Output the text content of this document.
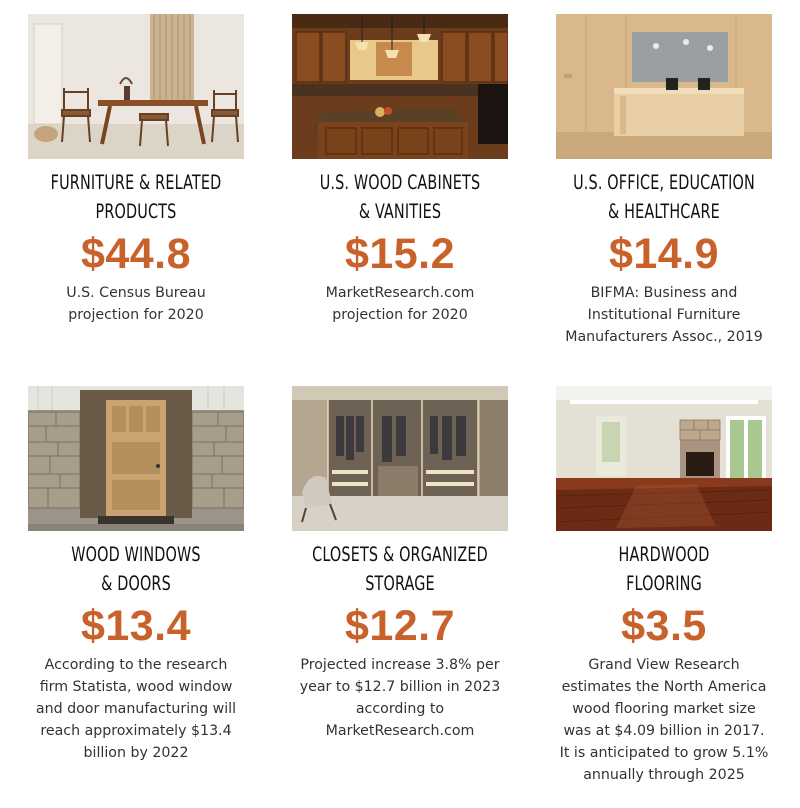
FURNITURE & RELATED
PRODUCTS
$44.8
U.S. Census Bureau
projection for 2020
U.S. WOOD CABINETS
& VANITIES
$15.2
MarketResearch.com
projection for 2020
U.S. OFFICE, EDUCATION
& HEALTHCARE
$14.9
BIFMA: Business and
Institutional Furniture
Manufacturers Assoc., 2019
WOOD WINDOWS
& DOORS
$13.4
According to the research
firm Statista, wood window
and door manufacturing will
reach approximately $13.4
billion by 2022
CLOSETS & ORGANIZED
STORAGE
$12.7
Projected increase 3.8% per
year to $12.7 billion in 2023
according to
MarketResearch.com
HARDWOOD
FLOORING
$3.5
Grand View Research
estimates the North America
wood flooring market size
was at $4.09 billion in 2017.
It is anticipated to grow 5.1%
annually through 2025
